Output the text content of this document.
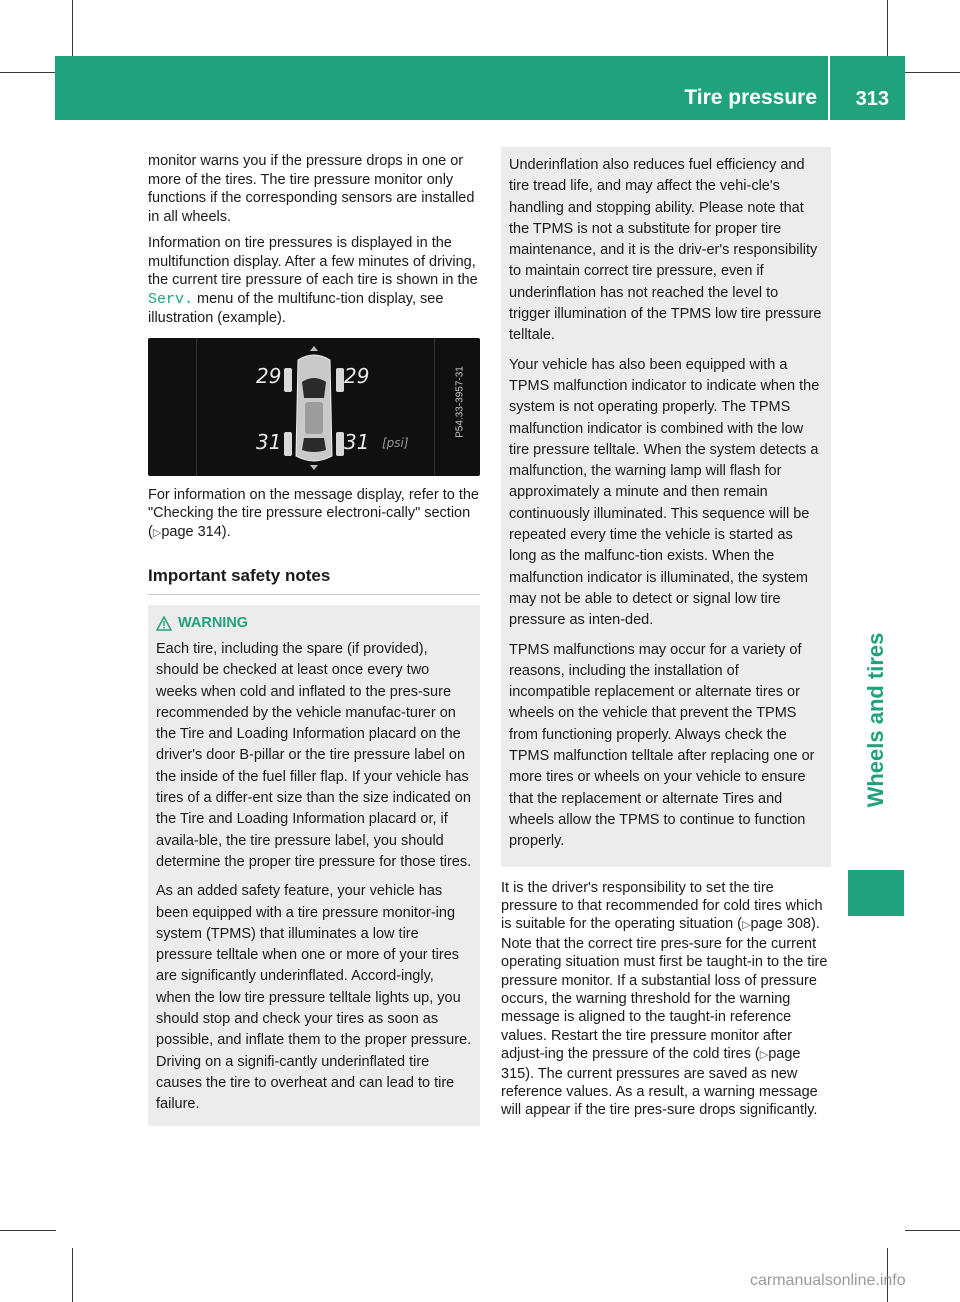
Tire pressure 313
Wheels and tires

monitor warns you if the pressure drops in one or more of the tires. The tire pressure monitor only functions if the corresponding sensors are installed in all wheels.

Information on tire pressures is displayed in the multifunction display. After a few minutes of driving, the current tire pressure of each tire is shown in the Serv. menu of the multifunc-tion display, see illustration (example).

29	29
31	31 [psi]
P54.33-3957-31

For information on the message display, refer to the "Checking the tire pressure electroni-cally" section (▷page 314).

Important safety notes
WARNING

Each tire, including the spare (if provided), should be checked at least once every two weeks when cold and inflated to the pres-sure recommended by the vehicle manufac-turer on the Tire and Loading Information placard on the driver's door B-pillar or the tire pressure label on the inside of the fuel filler flap. If your vehicle has tires of a differ-ent size than the size indicated on the Tire and Loading Information placard or, if availa-ble, the tire pressure label, you should determine the proper tire pressure for those tires.

As an added safety feature, your vehicle has been equipped with a tire pressure monitor-ing system (TPMS) that illuminates a low tire pressure telltale when one or more of your tires are significantly underinflated. Accord-ingly, when the low tire pressure telltale lights up, you should stop and check your tires as soon as possible, and inflate them to the proper pressure. Driving on a signifi-cantly underinflated tire causes the tire to overheat and can lead to tire failure.

Underinflation also reduces fuel efficiency and tire tread life, and may affect the vehi-cle's handling and stopping ability. Please note that the TPMS is not a substitute for proper tire maintenance, and it is the driv-er's responsibility to maintain correct tire pressure, even if underinflation has not reached the level to trigger illumination of the TPMS low tire pressure telltale.

Your vehicle has also been equipped with a TPMS malfunction indicator to indicate when the system is not operating properly. The TPMS malfunction indicator is combined with the low tire pressure telltale. When the system detects a malfunction, the warning lamp will flash for approximately a minute and then remain continuously illuminated. This sequence will be repeated every time the vehicle is started as long as the malfunc-tion exists. When the malfunction indicator is illuminated, the system may not be able to detect or signal low tire pressure as inten-ded.

TPMS malfunctions may occur for a variety of reasons, including the installation of incompatible replacement or alternate tires or wheels on the vehicle that prevent the TPMS from functioning properly. Always check the TPMS malfunction telltale after replacing one or more tires or wheels on your vehicle to ensure that the replacement or alternate Tires and wheels allow the TPMS to continue to function properly.

It is the driver's responsibility to set the tire pressure to that recommended for cold tires which is suitable for the operating situation (▷page 308). Note that the correct tire pres-sure for the current operating situation must first be taught-in to the tire pressure monitor. If a substantial loss of pressure occurs, the warning threshold for the warning message is aligned to the taught-in reference values. Restart the tire pressure monitor after adjust-ing the pressure of the cold tires (▷page 315). The current pressures are saved as new reference values. As a result, a warning message will appear if the tire pres-sure drops significantly.

carmanualsonline.info
